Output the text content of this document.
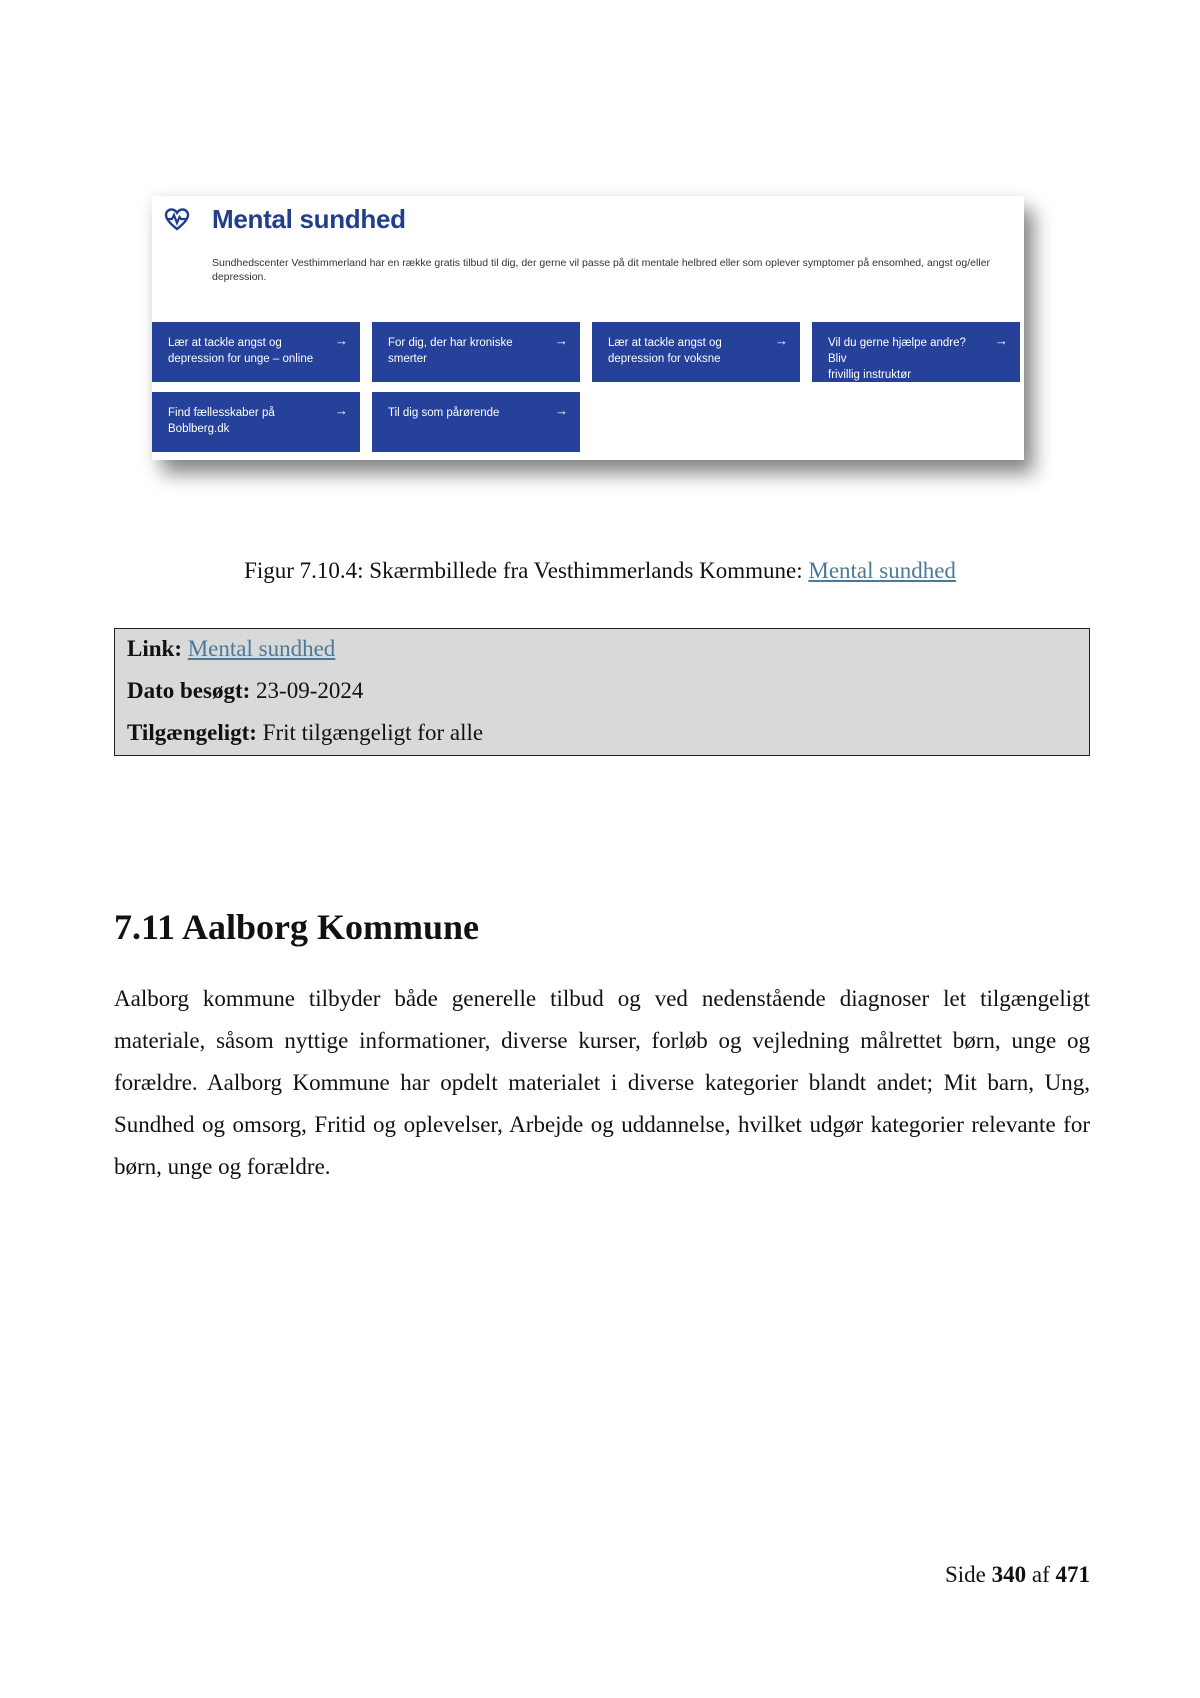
Mental sundhed
Sundhedscenter Vesthimmerland har en række gratis tilbud til dig, der gerne vil passe på dit mentale helbred eller som oplever symptomer på ensomhed, angst og/eller depression.
Lær at tackle angst og
depression for unge – online
→	For dig, der har kroniske
smerter
→	Lær at tackle angst og
depression for voksne
→	Vil du gerne hjælpe andre? Bliv
frivillig instruktør
→
Find fællesskaber på
Boblberg.dk
→	Til dig som pårørende	→
Figur 7.10.4: Skærmbillede fra Vesthimmerlands Kommune: Mental sundhed
Link: Mental sundhed
Dato besøgt: 23-09-2024
Tilgængeligt: Frit tilgængeligt for alle
7.11 Aalborg Kommune

Aalborg kommune tilbyder både generelle tilbud og ved nedenstående diagnoser let tilgængeligt materiale, såsom nyttige informationer, diverse kurser, forløb og vejledning målrettet børn, unge og forældre. Aalborg Kommune har opdelt materialet i diverse kategorier blandt andet; Mit barn, Ung, Sundhed og omsorg, Fritid og oplevelser, Arbejde og uddannelse, hvilket udgør kategorier relevante for børn, unge og forældre.

Side 340 af 471
